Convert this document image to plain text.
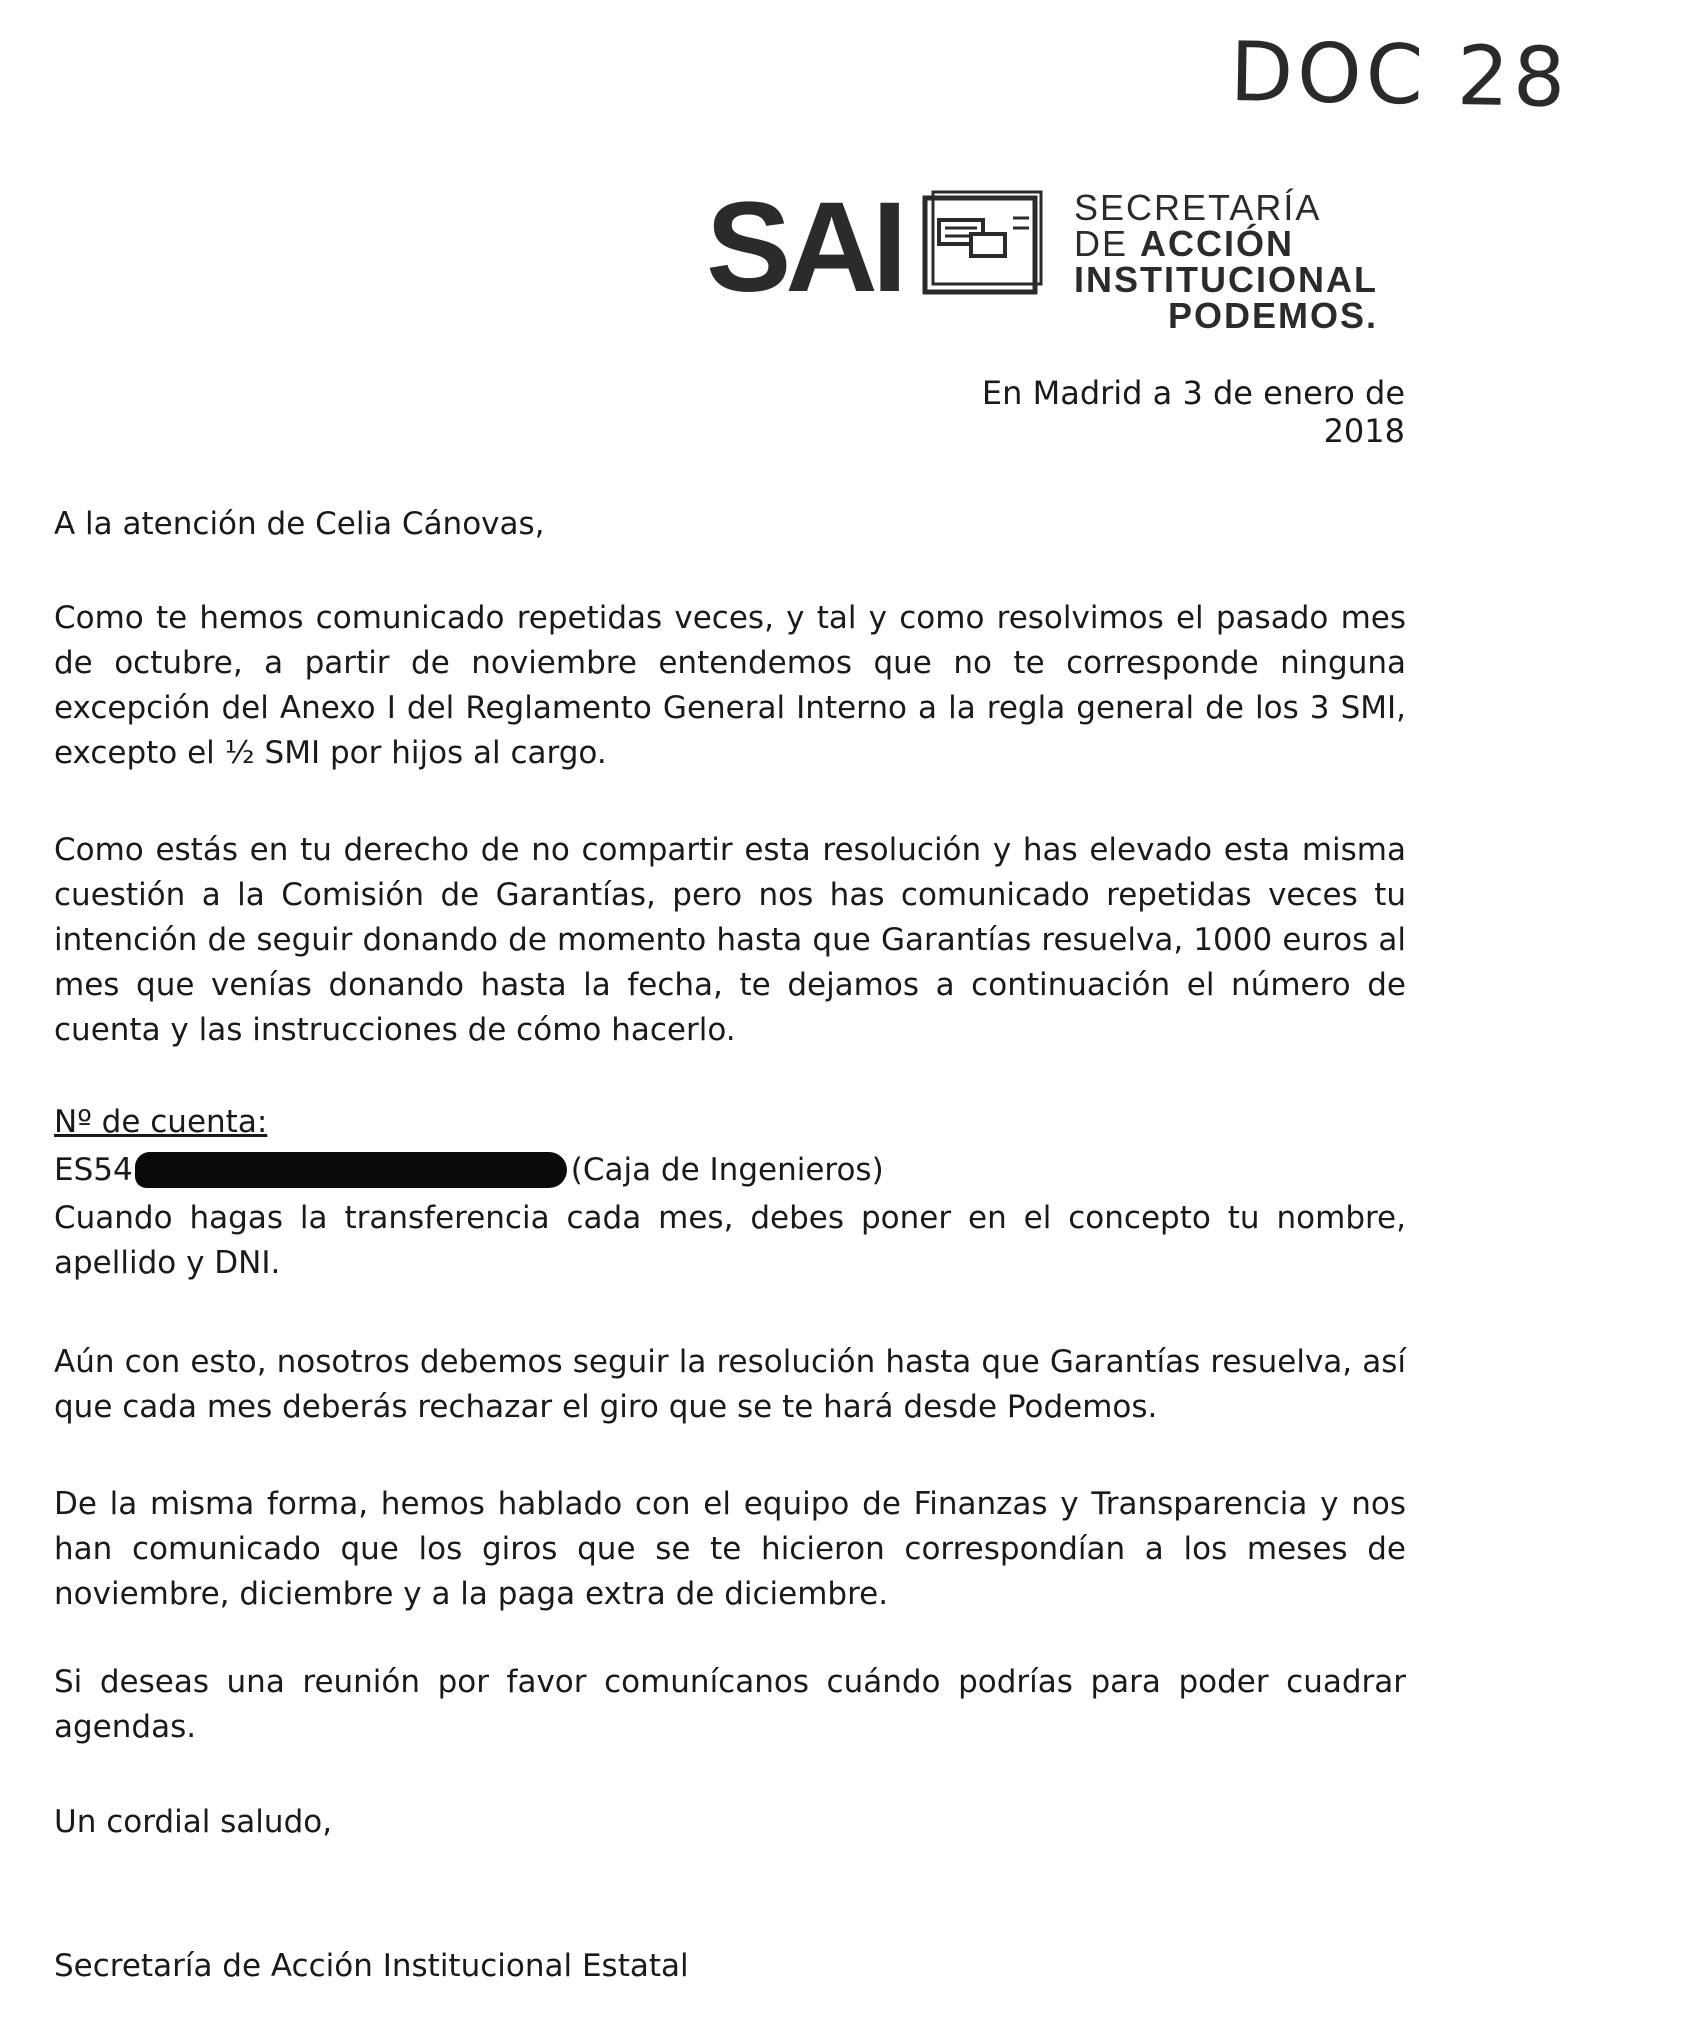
DOC 28
SAI	SECRETARÍA
DE ACCIÓN
INSTITUCIONAL
PODEMOS.
En Madrid a 3 de enero de 2018
A la atención de Celia Cánovas,
Como te hemos comunicado repetidas veces, y tal y como resolvimos el pasado mes de octubre, a partir de noviembre entendemos que no te corresponde ninguna excepción del Anexo I del Reglamento General Interno a la regla general de los 3 SMI, excepto el ½ SMI por hijos al cargo.
Como estás en tu derecho de no compartir esta resolución y has elevado esta misma cuestión a la Comisión de Garantías, pero nos has comunicado repetidas veces tu intención de seguir donando de momento hasta que Garantías resuelva, 1000 euros al mes que venías donando hasta la fecha, te dejamos a continuación el número de cuenta y las instrucciones de cómo hacerlo.
Nº de cuenta:
ES54	(Caja de Ingenieros)
Cuando hagas la transferencia cada mes, debes poner en el concepto tu nombre, apellido y DNI.
Aún con esto, nosotros debemos seguir la resolución hasta que Garantías resuelva, así que cada mes deberás rechazar el giro que se te hará desde Podemos.
De la misma forma, hemos hablado con el equipo de Finanzas y Transparencia y nos han comunicado que los giros que se te hicieron correspondían a los meses de noviembre, diciembre y a la paga extra de diciembre.
Si deseas una reunión por favor comunícanos cuándo podrías para poder cuadrar agendas.
Un cordial saludo,
Secretaría de Acción Institucional Estatal
